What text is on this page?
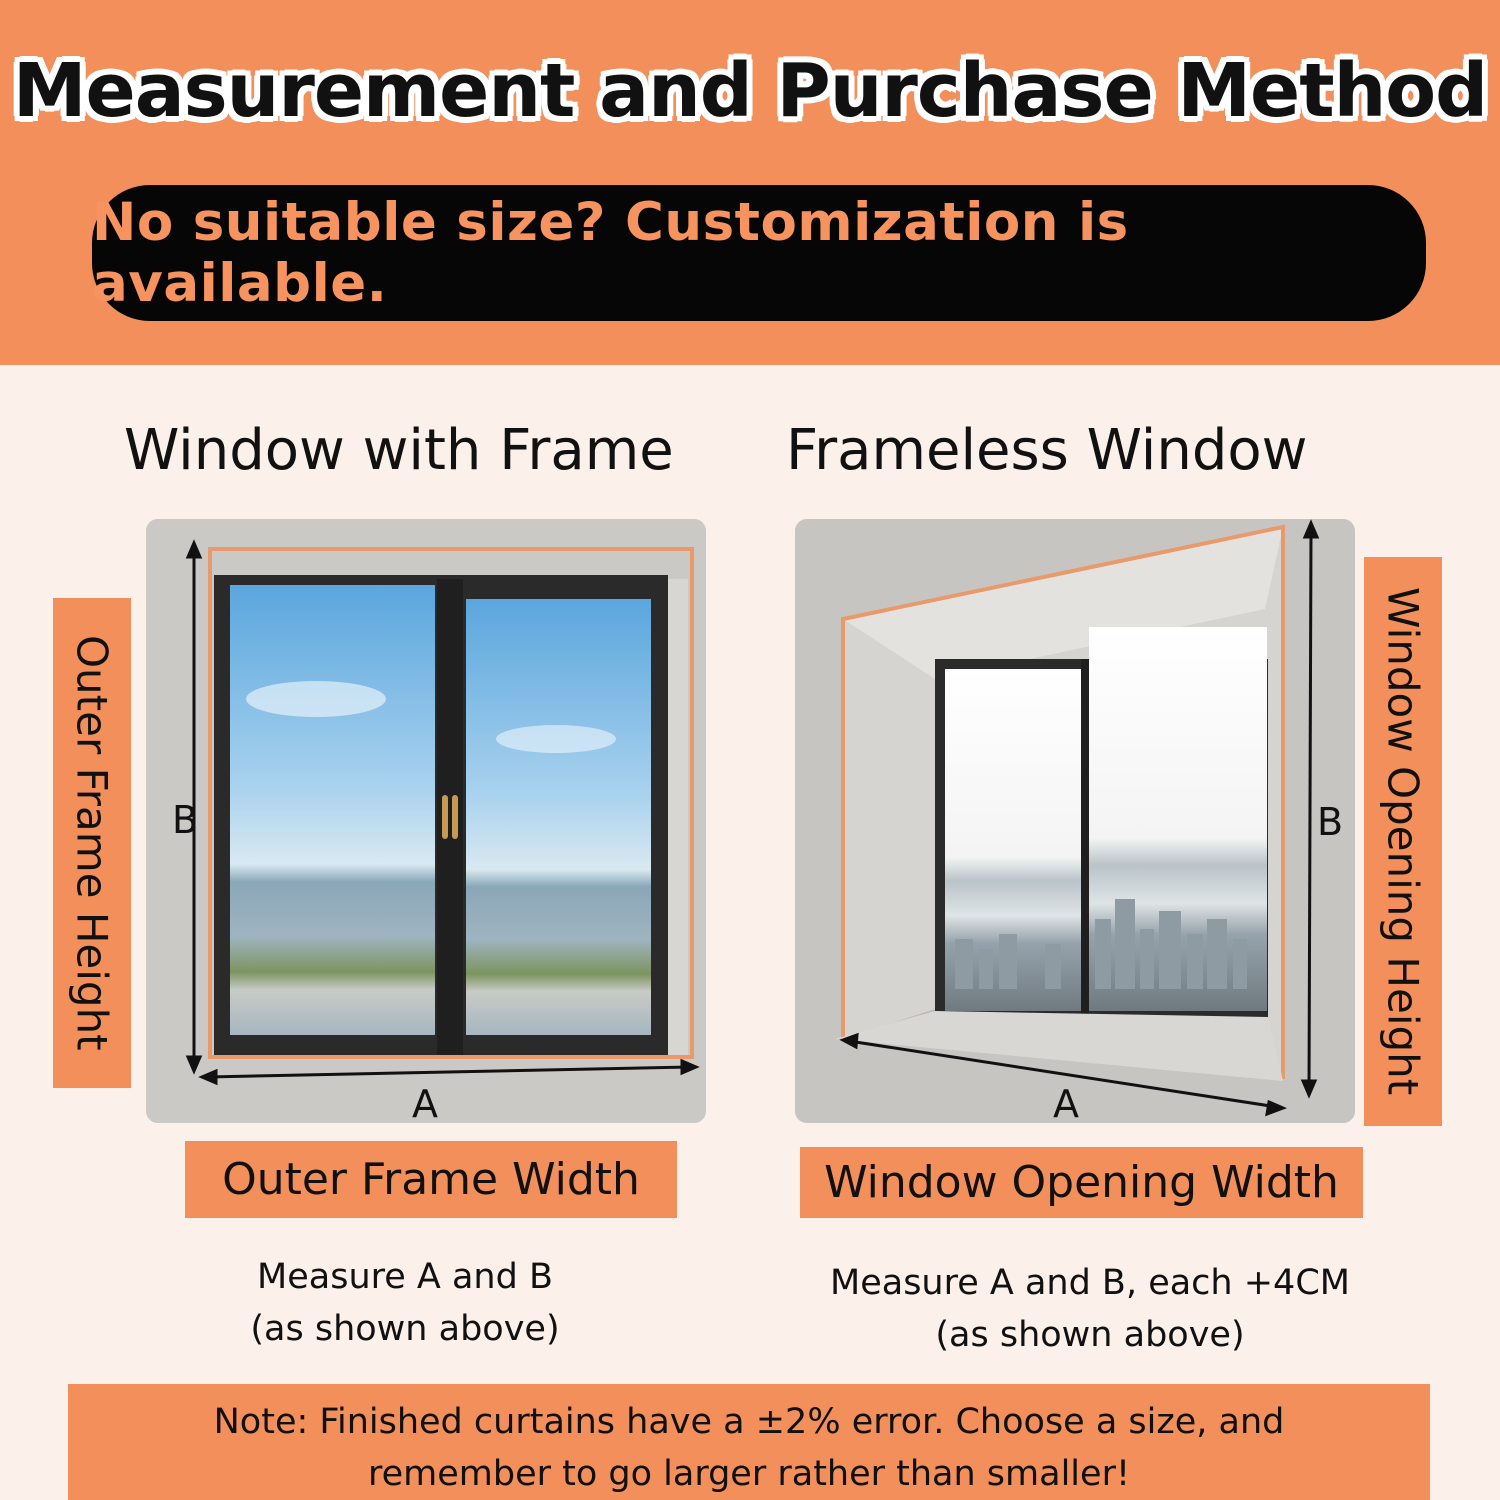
Measurement and Purchase Method
No suitable size? Customization is available.
Window with Frame Frameless Window
Outer Frame Height B
A
B
A
Window Opening Height
Outer Frame Width	Window Opening Width
Measure A and B
(as shown above)
Measure A and B, each +4CM
(as shown above)
Note: Finished curtains have a ±2% error. Choose a size, and
remember to go larger rather than smaller!
